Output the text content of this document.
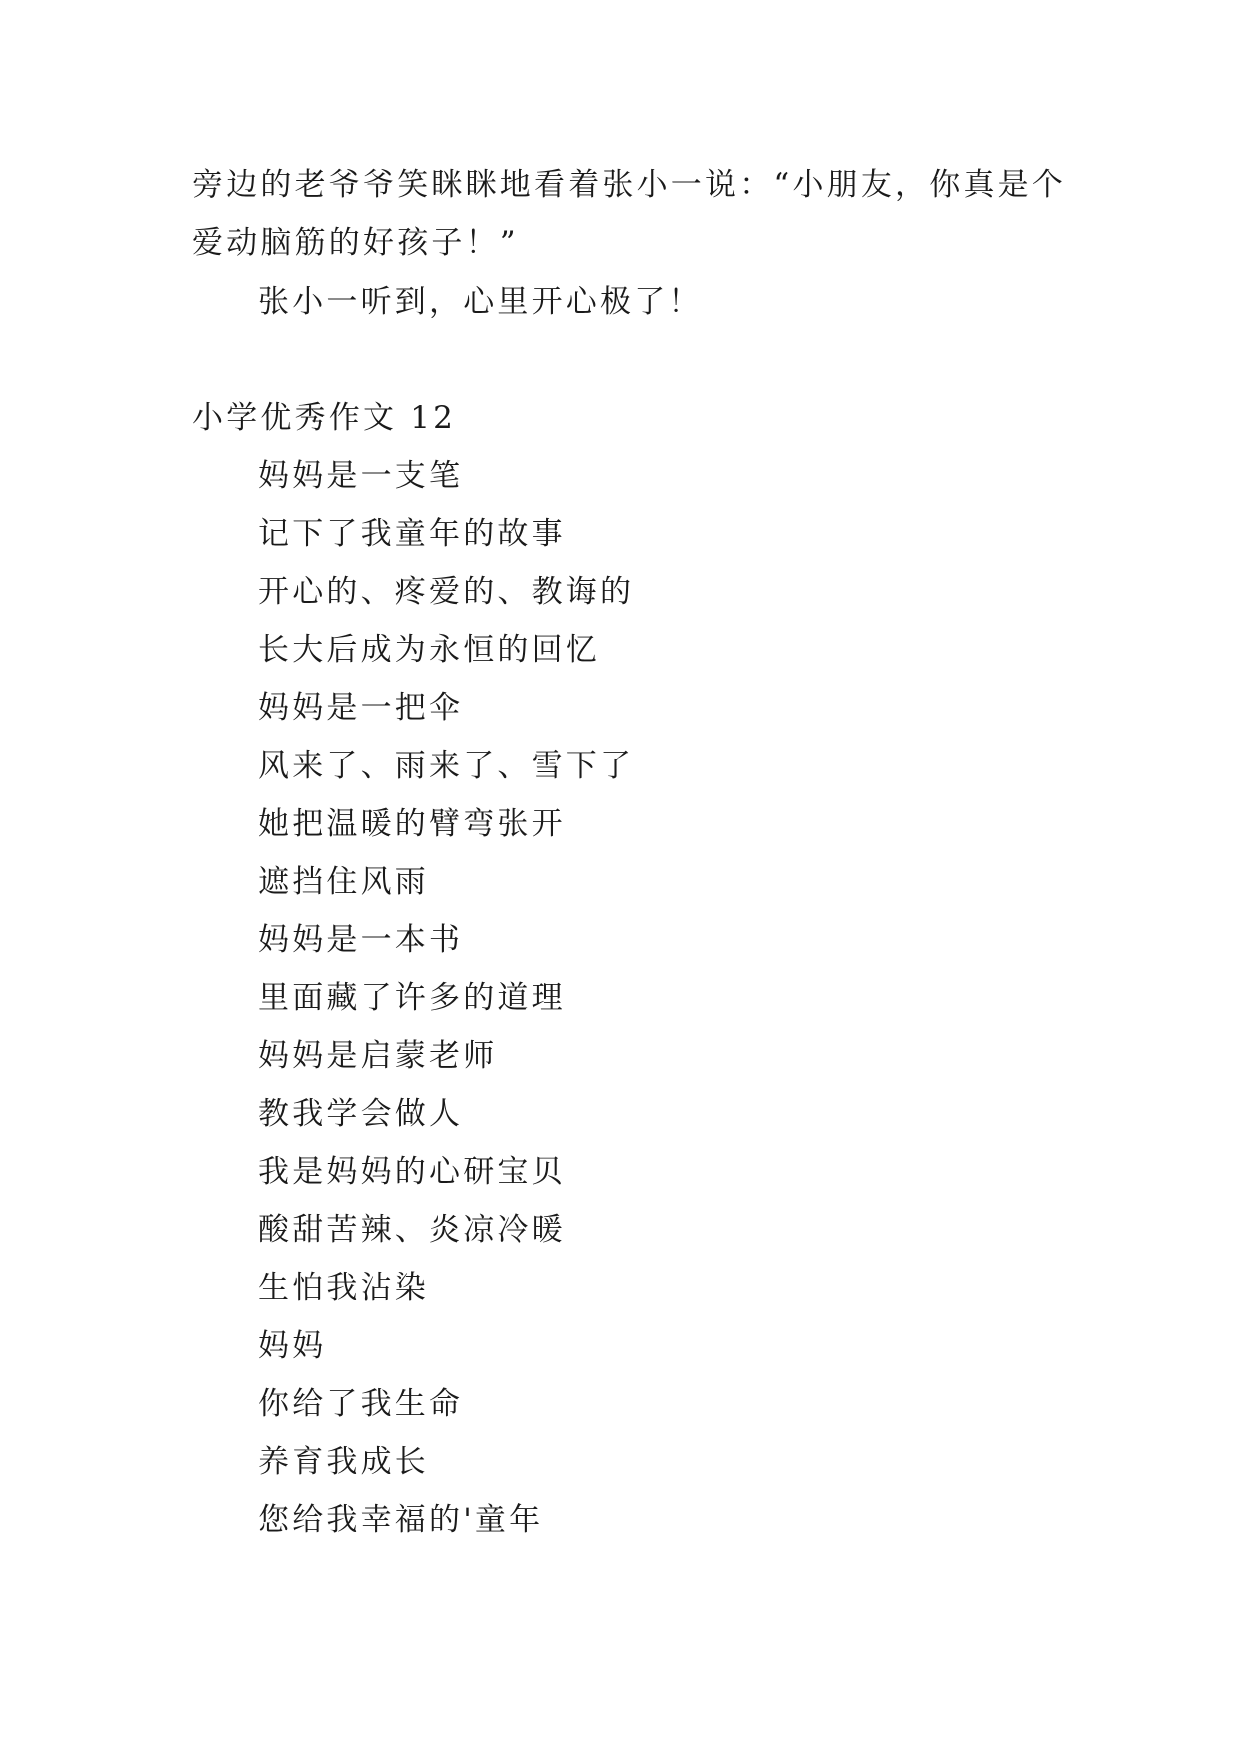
旁边的老爷爷笑眯眯地看着张小一说：“小朋友，你真是个
爱动脑筋的好孩子！”
张小一听到，心里开心极了！
小学优秀作文 12
妈妈是一支笔
记下了我童年的故事
开心的、疼爱的、教诲的
长大后成为永恒的回忆
妈妈是一把伞
风来了、雨来了、雪下了
她把温暖的臂弯张开
遮挡住风雨
妈妈是一本书
里面藏了许多的道理
妈妈是启蒙老师
教我学会做人
我是妈妈的心研宝贝
酸甜苦辣、炎凉冷暖
生怕我沾染
妈妈
你给了我生命
养育我成长
您给我幸福的'童年
